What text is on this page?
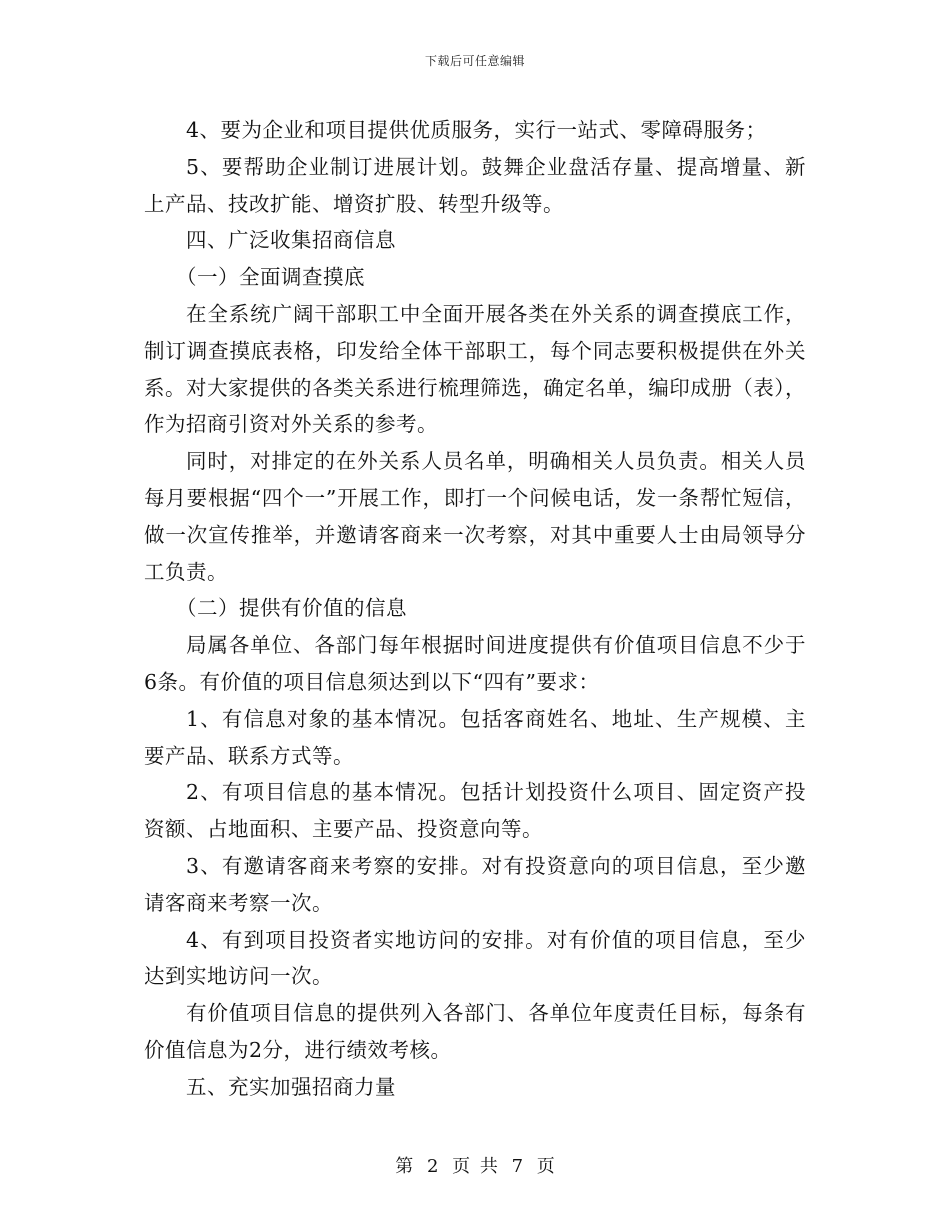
下载后可任意编辑

4、要为企业和项目提供优质服务，实行一站式、零障碍服务；

5、要帮助企业制订进展计划。鼓舞企业盘活存量、提高增量、新上产品、技改扩能、增资扩股、转型升级等。

四、广泛收集招商信息

（一）全面调查摸底

在全系统广阔干部职工中全面开展各类在外关系的调查摸底工作，制订调查摸底表格，印发给全体干部职工，每个同志要积极提供在外关系。对大家提供的各类关系进行梳理筛选，确定名单，编印成册（表），作为招商引资对外关系的参考。

同时，对排定的在外关系人员名单，明确相关人员负责。相关人员每月要根据“四个一”开展工作，即打一个问候电话，发一条帮忙短信，做一次宣传推举，并邀请客商来一次考察，对其中重要人士由局领导分工负责。

（二）提供有价值的信息

局属各单位、各部门每年根据时间进度提供有价值项目信息不少于6条。有价值的项目信息须达到以下“四有”要求：

1、有信息对象的基本情况。包括客商姓名、地址、生产规模、主要产品、联系方式等。

2、有项目信息的基本情况。包括计划投资什么项目、固定资产投资额、占地面积、主要产品、投资意向等。

3、有邀请客商来考察的安排。对有投资意向的项目信息，至少邀请客商来考察一次。

4、有到项目投资者实地访问的安排。对有价值的项目信息，至少达到实地访问一次。

有价值项目信息的提供列入各部门、各单位年度责任目标，每条有价值信息为2分，进行绩效考核。

五、充实加强招商力量

第 2 页 共 7 页
